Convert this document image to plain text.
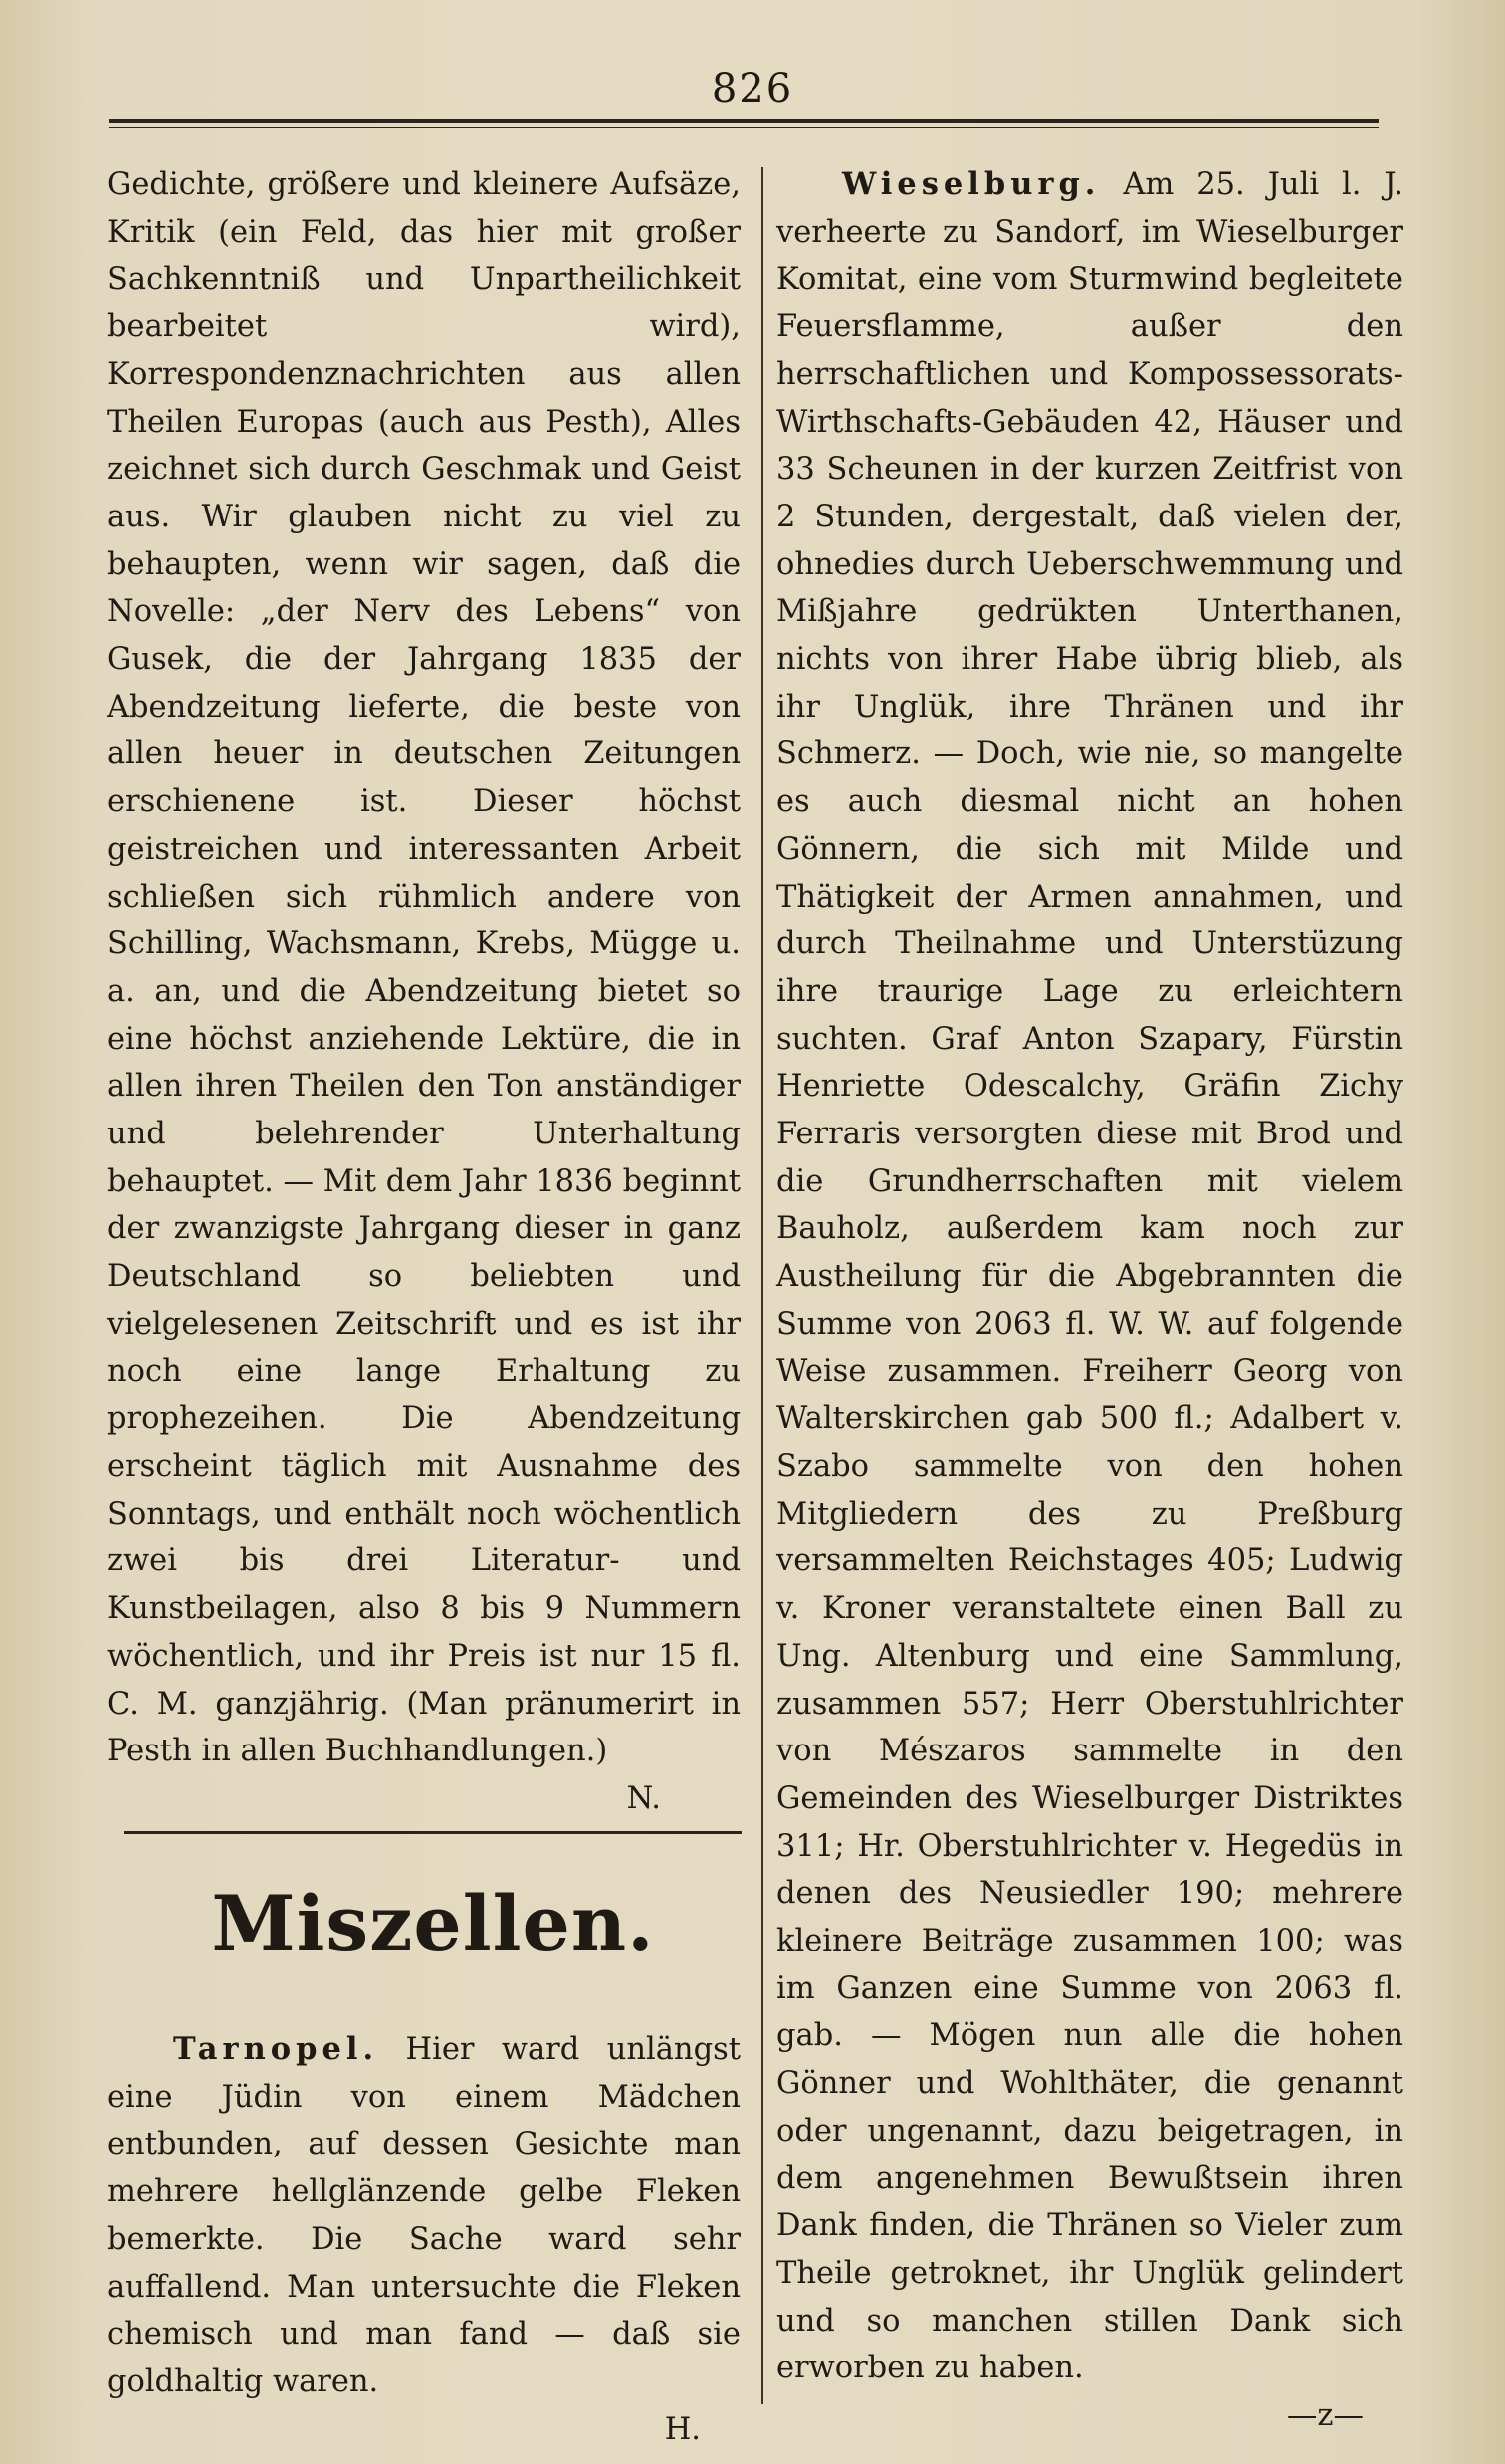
826

Gedichte, größere und kleinere Aufsäze, Kritik (ein Feld, das hier mit großer Sachkenntniß und Unpartheilichkeit bearbeitet wird), Korrespondenznachrichten aus allen Theilen Europas (auch aus Pesth), Alles zeichnet sich durch Geschmak und Geist aus. Wir glauben nicht zu viel zu behaupten, wenn wir sagen, daß die Novelle: „der Nerv des Lebens“ von Gusek, die der Jahrgang 1835 der Abendzeitung lieferte, die beste von allen heuer in deutschen Zeitungen erschienene ist. Dieser höchst geistreichen und interessanten Arbeit schließen sich rühmlich andere von Schilling, Wachsmann, Krebs, Mügge u. a. an, und die Abendzeitung bietet so eine höchst anziehende Lektüre, die in allen ihren Theilen den Ton anständiger und belehrender Unterhaltung behauptet. — Mit dem Jahr 1836 beginnt der zwanzigste Jahrgang dieser in ganz Deutschland so beliebten und vielgelesenen Zeitschrift und es ist ihr noch eine lange Erhaltung zu prophezeihen. Die Abendzeitung erscheint täglich mit Ausnahme des Sonntags, und enthält noch wöchentlich zwei bis drei Literatur- und Kunstbeilagen, also 8 bis 9 Nummern wöchentlich, und ihr Preis ist nur 15 fl. C. M. ganzjährig. (Man pränumerirt in Pesth in allen Buchhandlungen.)

N.

Miszellen.

Tarnopel. Hier ward unlängst eine Jüdin von einem Mädchen entbunden, auf dessen Gesichte man mehrere hellglänzende gelbe Fleken bemerkte. Die Sache ward sehr auffallend. Man untersuchte die Fleken chemisch und man fand — daß sie goldhaltig waren.

H.

Wieselburg. Am 25. Juli l. J. verheerte zu Sandorf, im Wieselburger Komitat, eine vom Sturmwind begleitete Feuersflamme, außer den herrschaftlichen und Kompossessorats-Wirthschafts-Gebäuden 42, Häuser und 33 Scheunen in der kurzen Zeitfrist von 2 Stunden, dergestalt, daß vielen der, ohnedies durch Ueberschwemmung und Mißjahre gedrükten Unterthanen, nichts von ihrer Habe übrig blieb, als ihr Unglük, ihre Thränen und ihr Schmerz. — Doch, wie nie, so mangelte es auch diesmal nicht an hohen Gönnern, die sich mit Milde und Thätigkeit der Armen annahmen, und durch Theilnahme und Unterstüzung ihre traurige Lage zu erleichtern suchten. Graf Anton Szapary, Fürstin Henriette Odescalchy, Gräfin Zichy Ferraris versorgten diese mit Brod und die Grundherrschaften mit vielem Bauholz, außerdem kam noch zur Austheilung für die Abgebrannten die Summe von 2063 fl. W. W. auf folgende Weise zusammen. Freiherr Georg von Walterskirchen gab 500 fl.; Adalbert v. Szabo sammelte von den hohen Mitgliedern des zu Preßburg versammelten Reichstages 405; Ludwig v. Kroner veranstaltete einen Ball zu Ung. Altenburg und eine Sammlung, zusammen 557; Herr Oberstuhlrichter von Mészaros sammelte in den Gemeinden des Wieselburger Distriktes 311; Hr. Oberstuhlrichter v. Hegedüs in denen des Neusiedler 190; mehrere kleinere Beiträge zusammen 100; was im Ganzen eine Summe von 2063 fl. gab. — Mögen nun alle die hohen Gönner und Wohlthäter, die genannt oder ungenannt, dazu beigetragen, in dem angenehmen Bewußtsein ihren Dank finden, die Thränen so Vieler zum Theile getroknet, ihr Unglük gelindert und so manchen stillen Dank sich erworben zu haben.

—z—
